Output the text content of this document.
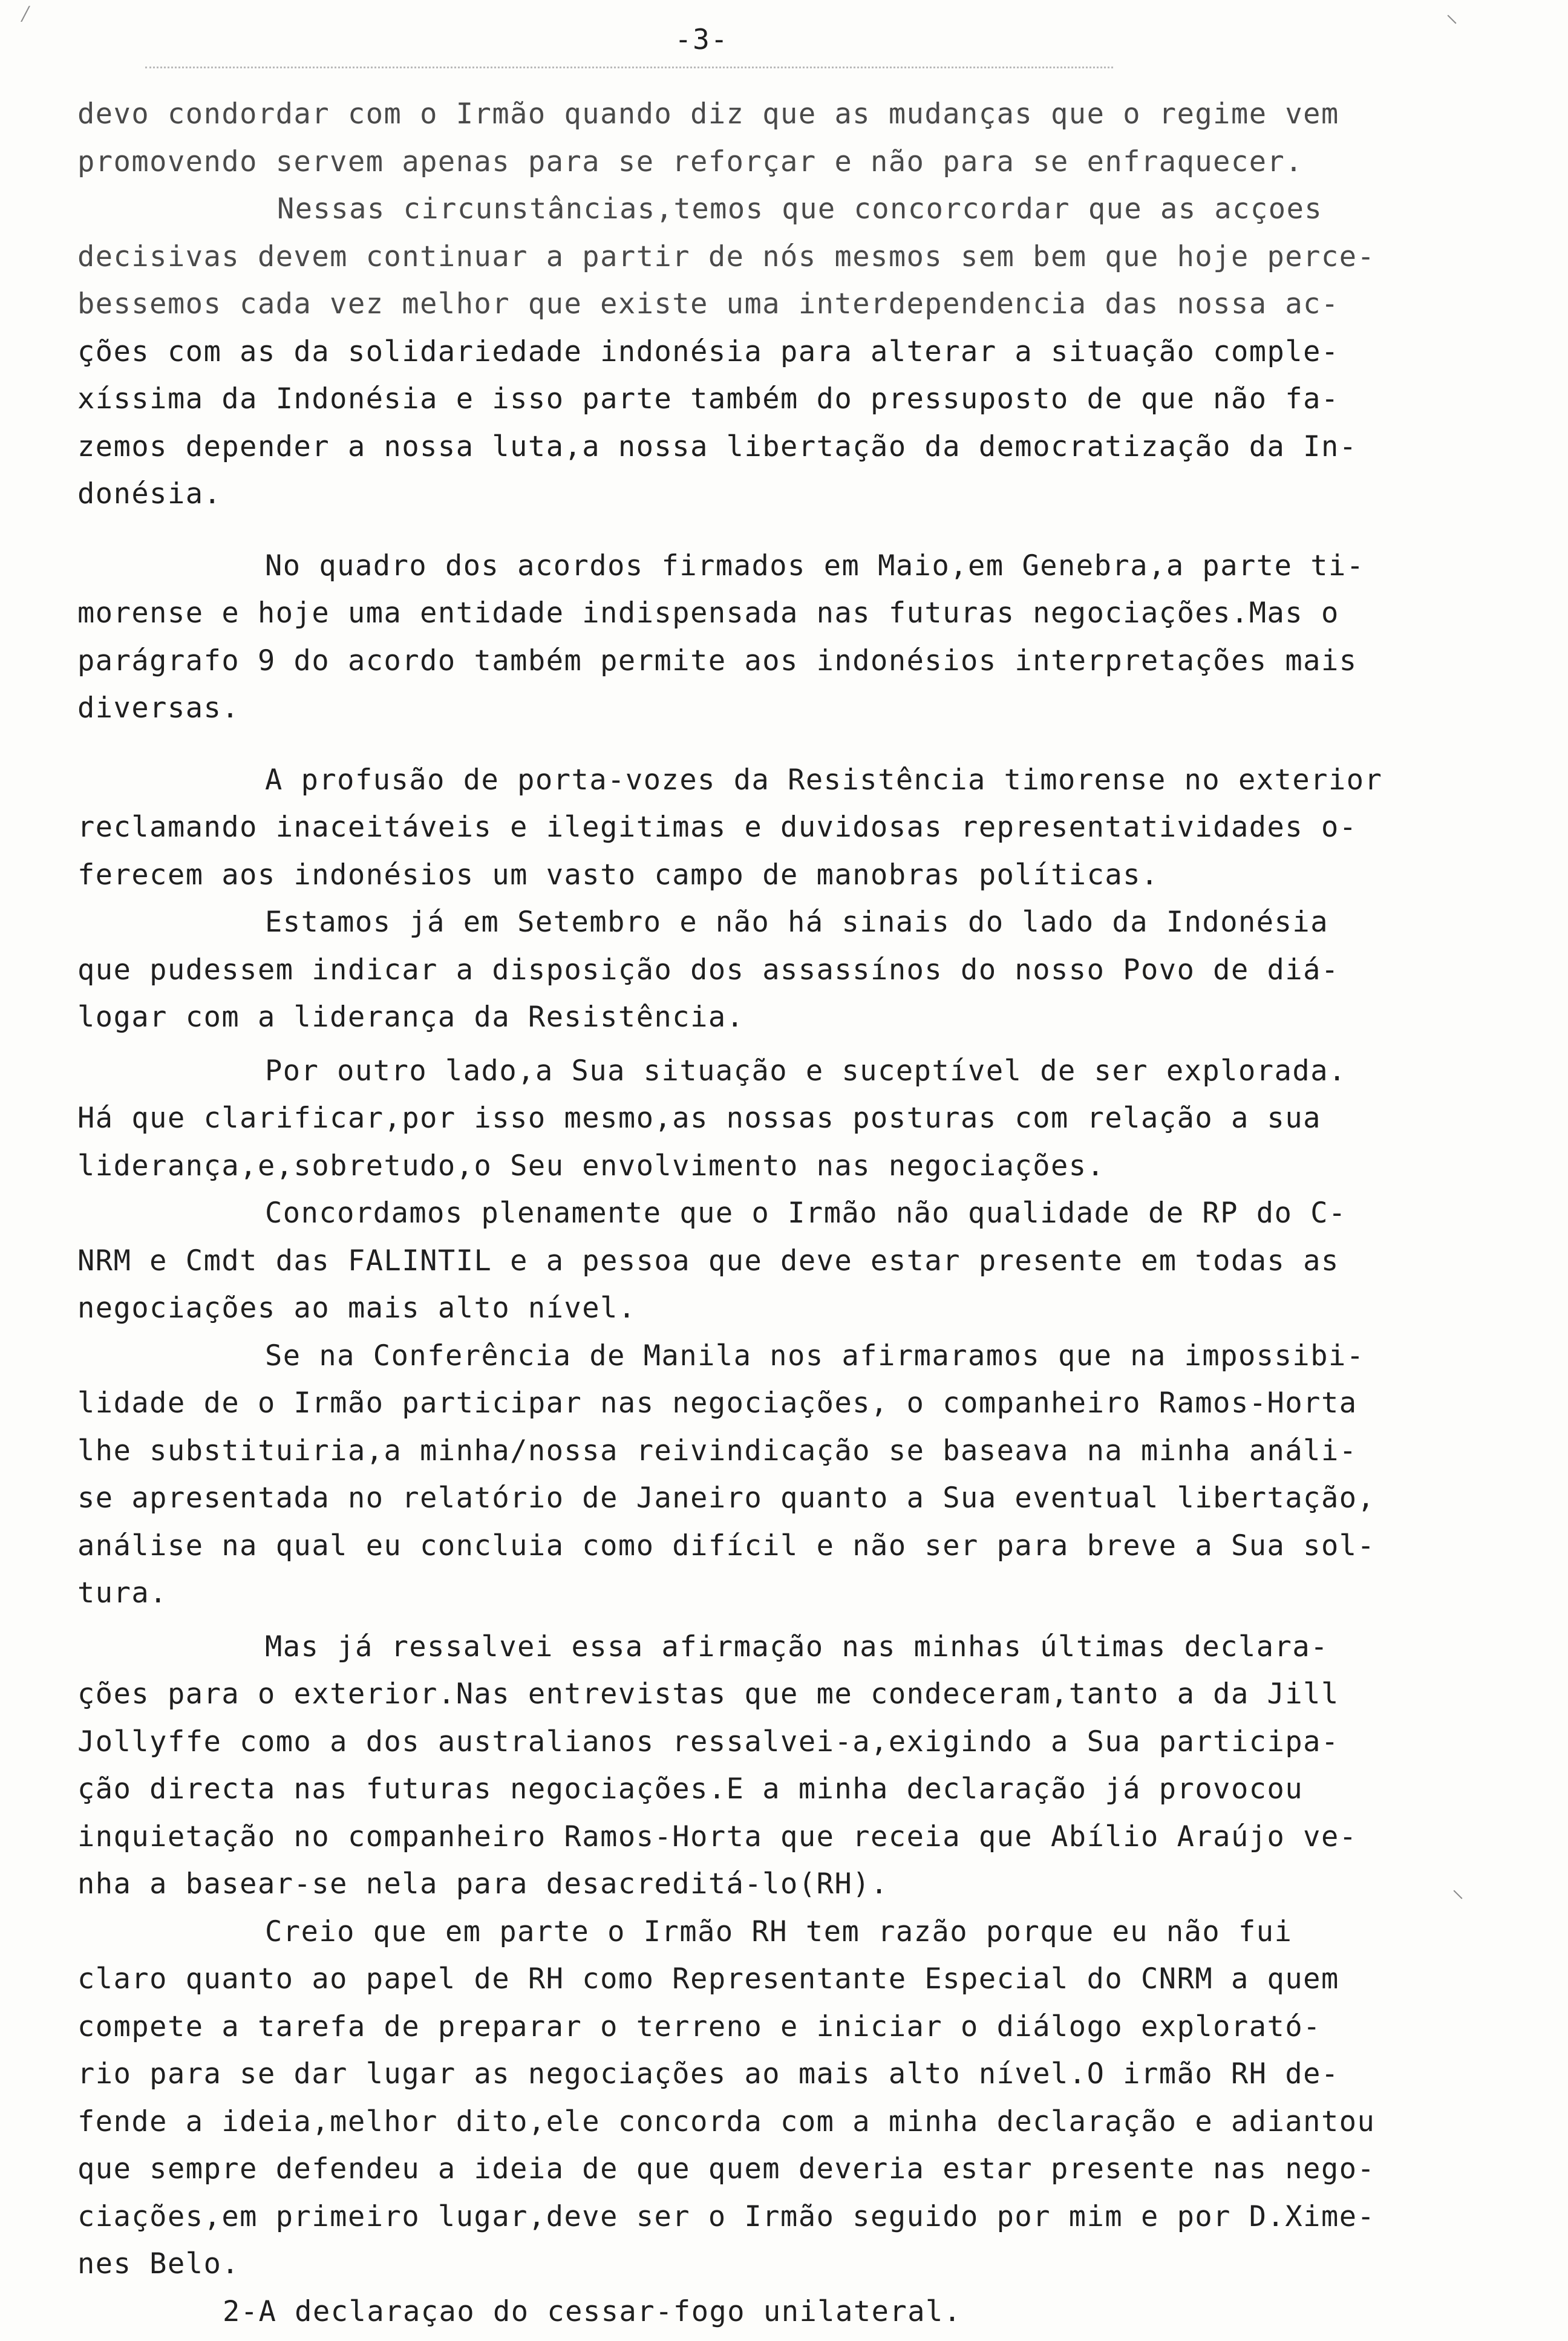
-3-
⁄	⸌
⸌
devo condordar com o Irmão quando diz que as mudanças que o regime vem
promovendo servem apenas para se reforçar e não para se enfraquecer.
Nessas circunstâncias,temos que concorcordar que as acçoes
decisivas devem continuar a partir de nós mesmos sem bem que hoje perce-
bessemos cada vez melhor que existe uma interdependencia das nossa ac-
ções com as da solidariedade indonésia para alterar a situação comple-
xíssima da Indonésia e isso parte também do pressuposto de que não fa-
zemos depender a nossa luta,a nossa libertação da democratização da In-
donésia.
No quadro dos acordos firmados em Maio,em Genebra,a parte ti-
morense e hoje uma entidade indispensada nas futuras negociações.Mas o
parágrafo 9 do acordo também permite aos indonésios interpretações mais
diversas.
A profusão de porta-vozes da Resistência timorense no exterior
reclamando inaceitáveis e ilegitimas e duvidosas representatividades o-
ferecem aos indonésios um vasto campo de manobras políticas.
Estamos já em Setembro e não há sinais do lado da Indonésia
que pudessem indicar a disposição dos assassínos do nosso Povo de diá-
logar com a liderança da Resistência.
Por outro lado,a Sua situação e suceptível de ser explorada.
Há que clarificar,por isso mesmo,as nossas posturas com relação a sua
liderança,e,sobretudo,o Seu envolvimento nas negociações.
Concordamos plenamente que o Irmão não qualidade de RP do C-
NRM e Cmdt das FALINTIL e a pessoa que deve estar presente em todas as
negociações ao mais alto nível.
Se na Conferência de Manila nos afirmaramos que na impossibi-
lidade de o Irmão participar nas negociações, o companheiro Ramos-Horta
lhe substituiria,a minha/nossa reivindicação se baseava na minha análi-
se apresentada no relatório de Janeiro quanto a Sua eventual libertação,
análise na qual eu concluia como difícil e não ser para breve a Sua sol-
tura.
Mas já ressalvei essa afirmação nas minhas últimas declara-
ções para o exterior.Nas entrevistas que me condeceram,tanto a da Jill
Jollyffe como a dos australianos ressalvei-a,exigindo a Sua participa-
ção directa nas futuras negociações.E a minha declaração já provocou
inquietação no companheiro Ramos-Horta que receia que Abílio Araújo ve-
nha a basear-se nela para desacreditá-lo(RH).
Creio que em parte o Irmão RH tem razão porque eu não fui
claro quanto ao papel de RH como Representante Especial do CNRM a quem
compete a tarefa de preparar o terreno e iniciar o diálogo explorató-
rio para se dar lugar as negociações ao mais alto nível.O irmão RH de-
fende a ideia,melhor dito,ele concorda com a minha declaração e adiantou
que sempre defendeu a ideia de que quem deveria estar presente nas nego-
ciações,em primeiro lugar,deve ser o Irmão seguido por mim e por D.Xime-
nes Belo.
2-A declaraçao do cessar-fogo unilateral.
